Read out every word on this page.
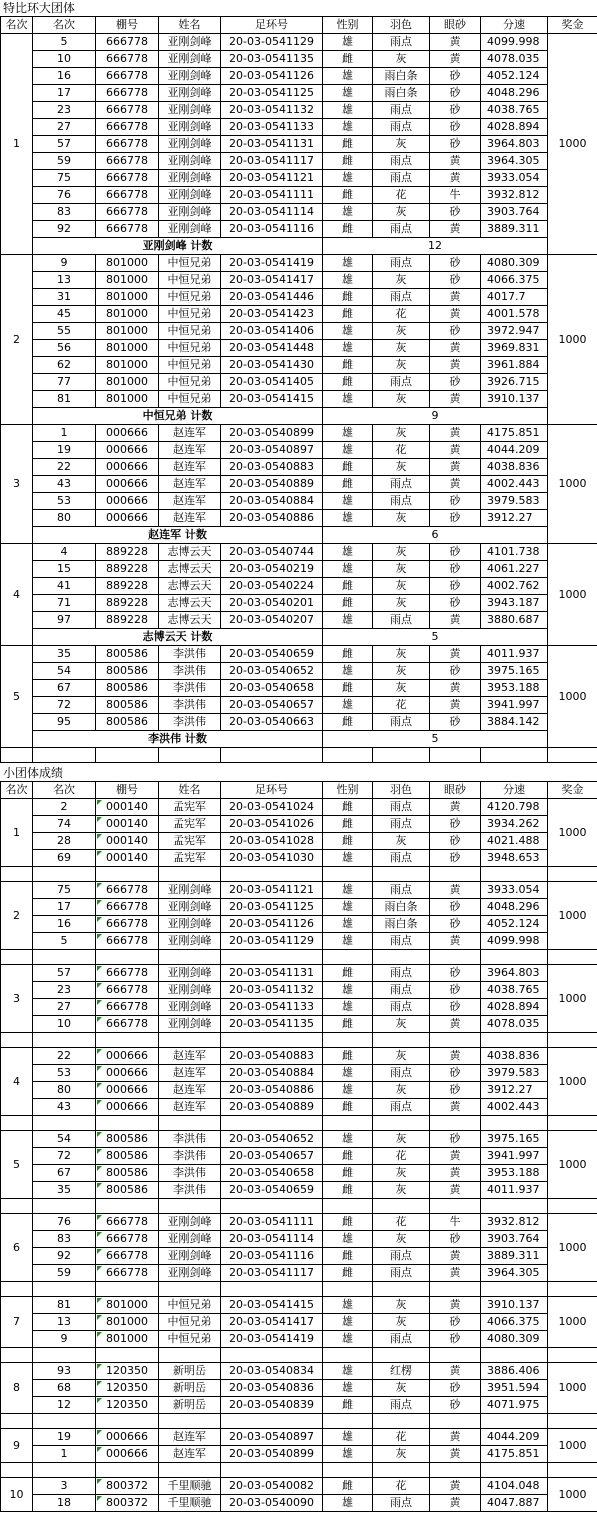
特比环大团体
名次	名次	棚号	姓名	足环号	性别	羽色	眼砂	分速	奖金
1	5	666778	亚刚剑峰	20-03-0541129	雄	雨点	黄	4099.998	1000
	10	666778	亚刚剑峰	20-03-0541135	雌	灰	黄	4078.035	
	16	666778	亚刚剑峰	20-03-0541126	雄	雨白条	砂	4052.124	
	17	666778	亚刚剑峰	20-03-0541125	雄	雨白条	砂	4048.296	
	23	666778	亚刚剑峰	20-03-0541132	雄	雨点	砂	4038.765	
	27	666778	亚刚剑峰	20-03-0541133	雄	雨点	砂	4028.894	
	57	666778	亚刚剑峰	20-03-0541131	雌	灰	砂	3964.803	
	59	666778	亚刚剑峰	20-03-0541117	雌	雨点	黄	3964.305	
	75	666778	亚刚剑峰	20-03-0541121	雄	雨点	黄	3933.054	
	76	666778	亚刚剑峰	20-03-0541111	雌	花	牛	3932.812	
	83	666778	亚刚剑峰	20-03-0541114	雄	灰	砂	3903.764	
	92	666778	亚刚剑峰	20-03-0541116	雌	雨点	黄	3889.311	
	亚刚剑峰 计数				12				
2	9	801000	中恒兄弟	20-03-0541419	雄	雨点	砂	4080.309	1000
	13	801000	中恒兄弟	20-03-0541417	雄	灰	砂	4066.375	
	31	801000	中恒兄弟	20-03-0541446	雌	雨点	黄	4017.7	
	45	801000	中恒兄弟	20-03-0541423	雌	花	黄	4001.578	
	55	801000	中恒兄弟	20-03-0541406	雄	灰	砂	3972.947	
	56	801000	中恒兄弟	20-03-0541448	雄	灰	黄	3969.831	
	62	801000	中恒兄弟	20-03-0541430	雌	灰	黄	3961.884	
	77	801000	中恒兄弟	20-03-0541405	雌	雨点	砂	3926.715	
	81	801000	中恒兄弟	20-03-0541415	雄	灰	黄	3910.137	
	中恒兄弟 计数				9				
3	1	000666	赵连军	20-03-0540899	雄	灰	黄	4175.851	1000
	19	000666	赵连军	20-03-0540897	雄	花	黄	4044.209	
	22	000666	赵连军	20-03-0540883	雌	灰	黄	4038.836	
	43	000666	赵连军	20-03-0540889	雌	雨点	黄	4002.443	
	53	000666	赵连军	20-03-0540884	雄	雨点	砂	3979.583	
	80	000666	赵连军	20-03-0540886	雄	灰	砂	3912.27	
	赵连军 计数				6				
4	4	889228	志博云天	20-03-0540744	雄	灰	砂	4101.738	1000
	15	889228	志博云天	20-03-0540219	雄	灰	砂	4061.227	
	41	889228	志博云天	20-03-0540224	雌	灰	砂	4002.762	
	71	889228	志博云天	20-03-0540201	雌	灰	砂	3943.187	
	97	889228	志博云天	20-03-0540207	雄	雨点	黄	3880.687	
	志博云天 计数				5				
5	35	800586	李洪伟	20-03-0540659	雌	灰	黄	4011.937	1000
	54	800586	李洪伟	20-03-0540652	雄	灰	砂	3975.165	
	67	800586	李洪伟	20-03-0540658	雌	灰	黄	3953.188	
	72	800586	李洪伟	20-03-0540657	雄	花	黄	3941.997	
	95	800586	李洪伟	20-03-0540663	雌	雨点	砂	3884.142	
	李洪伟 计数				5				

小团体成绩
名次	名次	棚号	姓名	足环号	性别	羽色	眼砂	分速	奖金
1	2	000140	孟宪军	20-03-0541024	雌	雨点	黄	4120.798	1000
	74	000140	孟宪军	20-03-0541026	雌	雨点	砂	3934.262	
	28	000140	孟宪军	20-03-0541028	雌	灰	砂	4021.488	
	69	000140	孟宪军	20-03-0541030	雄	雨点	砂	3948.653	

2	75	666778	亚刚剑峰	20-03-0541121	雄	雨点	黄	3933.054	1000
	17	666778	亚刚剑峰	20-03-0541125	雄	雨白条	砂	4048.296	
	16	666778	亚刚剑峰	20-03-0541126	雄	雨白条	砂	4052.124	
	5	666778	亚刚剑峰	20-03-0541129	雄	雨点	黄	4099.998	

3	57	666778	亚刚剑峰	20-03-0541131	雌	雨点	砂	3964.803	1000
	23	666778	亚刚剑峰	20-03-0541132	雄	雨点	砂	4038.765	
	27	666778	亚刚剑峰	20-03-0541133	雄	雨点	砂	4028.894	
	10	666778	亚刚剑峰	20-03-0541135	雌	灰	黄	4078.035	

4	22	000666	赵连军	20-03-0540883	雌	灰	黄	4038.836	1000
	53	000666	赵连军	20-03-0540884	雄	雨点	砂	3979.583	
	80	000666	赵连军	20-03-0540886	雄	灰	砂	3912.27	
	43	000666	赵连军	20-03-0540889	雌	雨点	黄	4002.443	

5	54	800586	李洪伟	20-03-0540652	雄	灰	砂	3975.165	1000
	72	800586	李洪伟	20-03-0540657	雌	花	黄	3941.997	
	67	800586	李洪伟	20-03-0540658	雌	灰	黄	3953.188	
	35	800586	李洪伟	20-03-0540659	雌	灰	黄	4011.937	

6	76	666778	亚刚剑峰	20-03-0541111	雌	花	牛	3932.812	1000
	83	666778	亚刚剑峰	20-03-0541114	雄	灰	砂	3903.764	
	92	666778	亚刚剑峰	20-03-0541116	雌	雨点	黄	3889.311	
	59	666778	亚刚剑峰	20-03-0541117	雌	雨点	黄	3964.305	

7	81	801000	中恒兄弟	20-03-0541415	雄	灰	黄	3910.137	1000
	13	801000	中恒兄弟	20-03-0541417	雄	灰	砂	4066.375	
	9	801000	中恒兄弟	20-03-0541419	雄	雨点	砂	4080.309	

8	93	120350	新明岳	20-03-0540834	雄	红楞	黄	3886.406	1000
	68	120350	新明岳	20-03-0540836	雄	灰	砂	3951.594	
	12	120350	新明岳	20-03-0540839	雌	雨点	砂	4071.975	

9	19	000666	赵连军	20-03-0540897	雄	花	黄	4044.209	1000
	1	000666	赵连军	20-03-0540899	雄	灰	黄	4175.851	

10	3	800372	千里顺驰	20-03-0540082	雌	花	黄	4104.048	1000
	18	800372	千里顺驰	20-03-0540090	雄	雨点	黄	4047.887	
